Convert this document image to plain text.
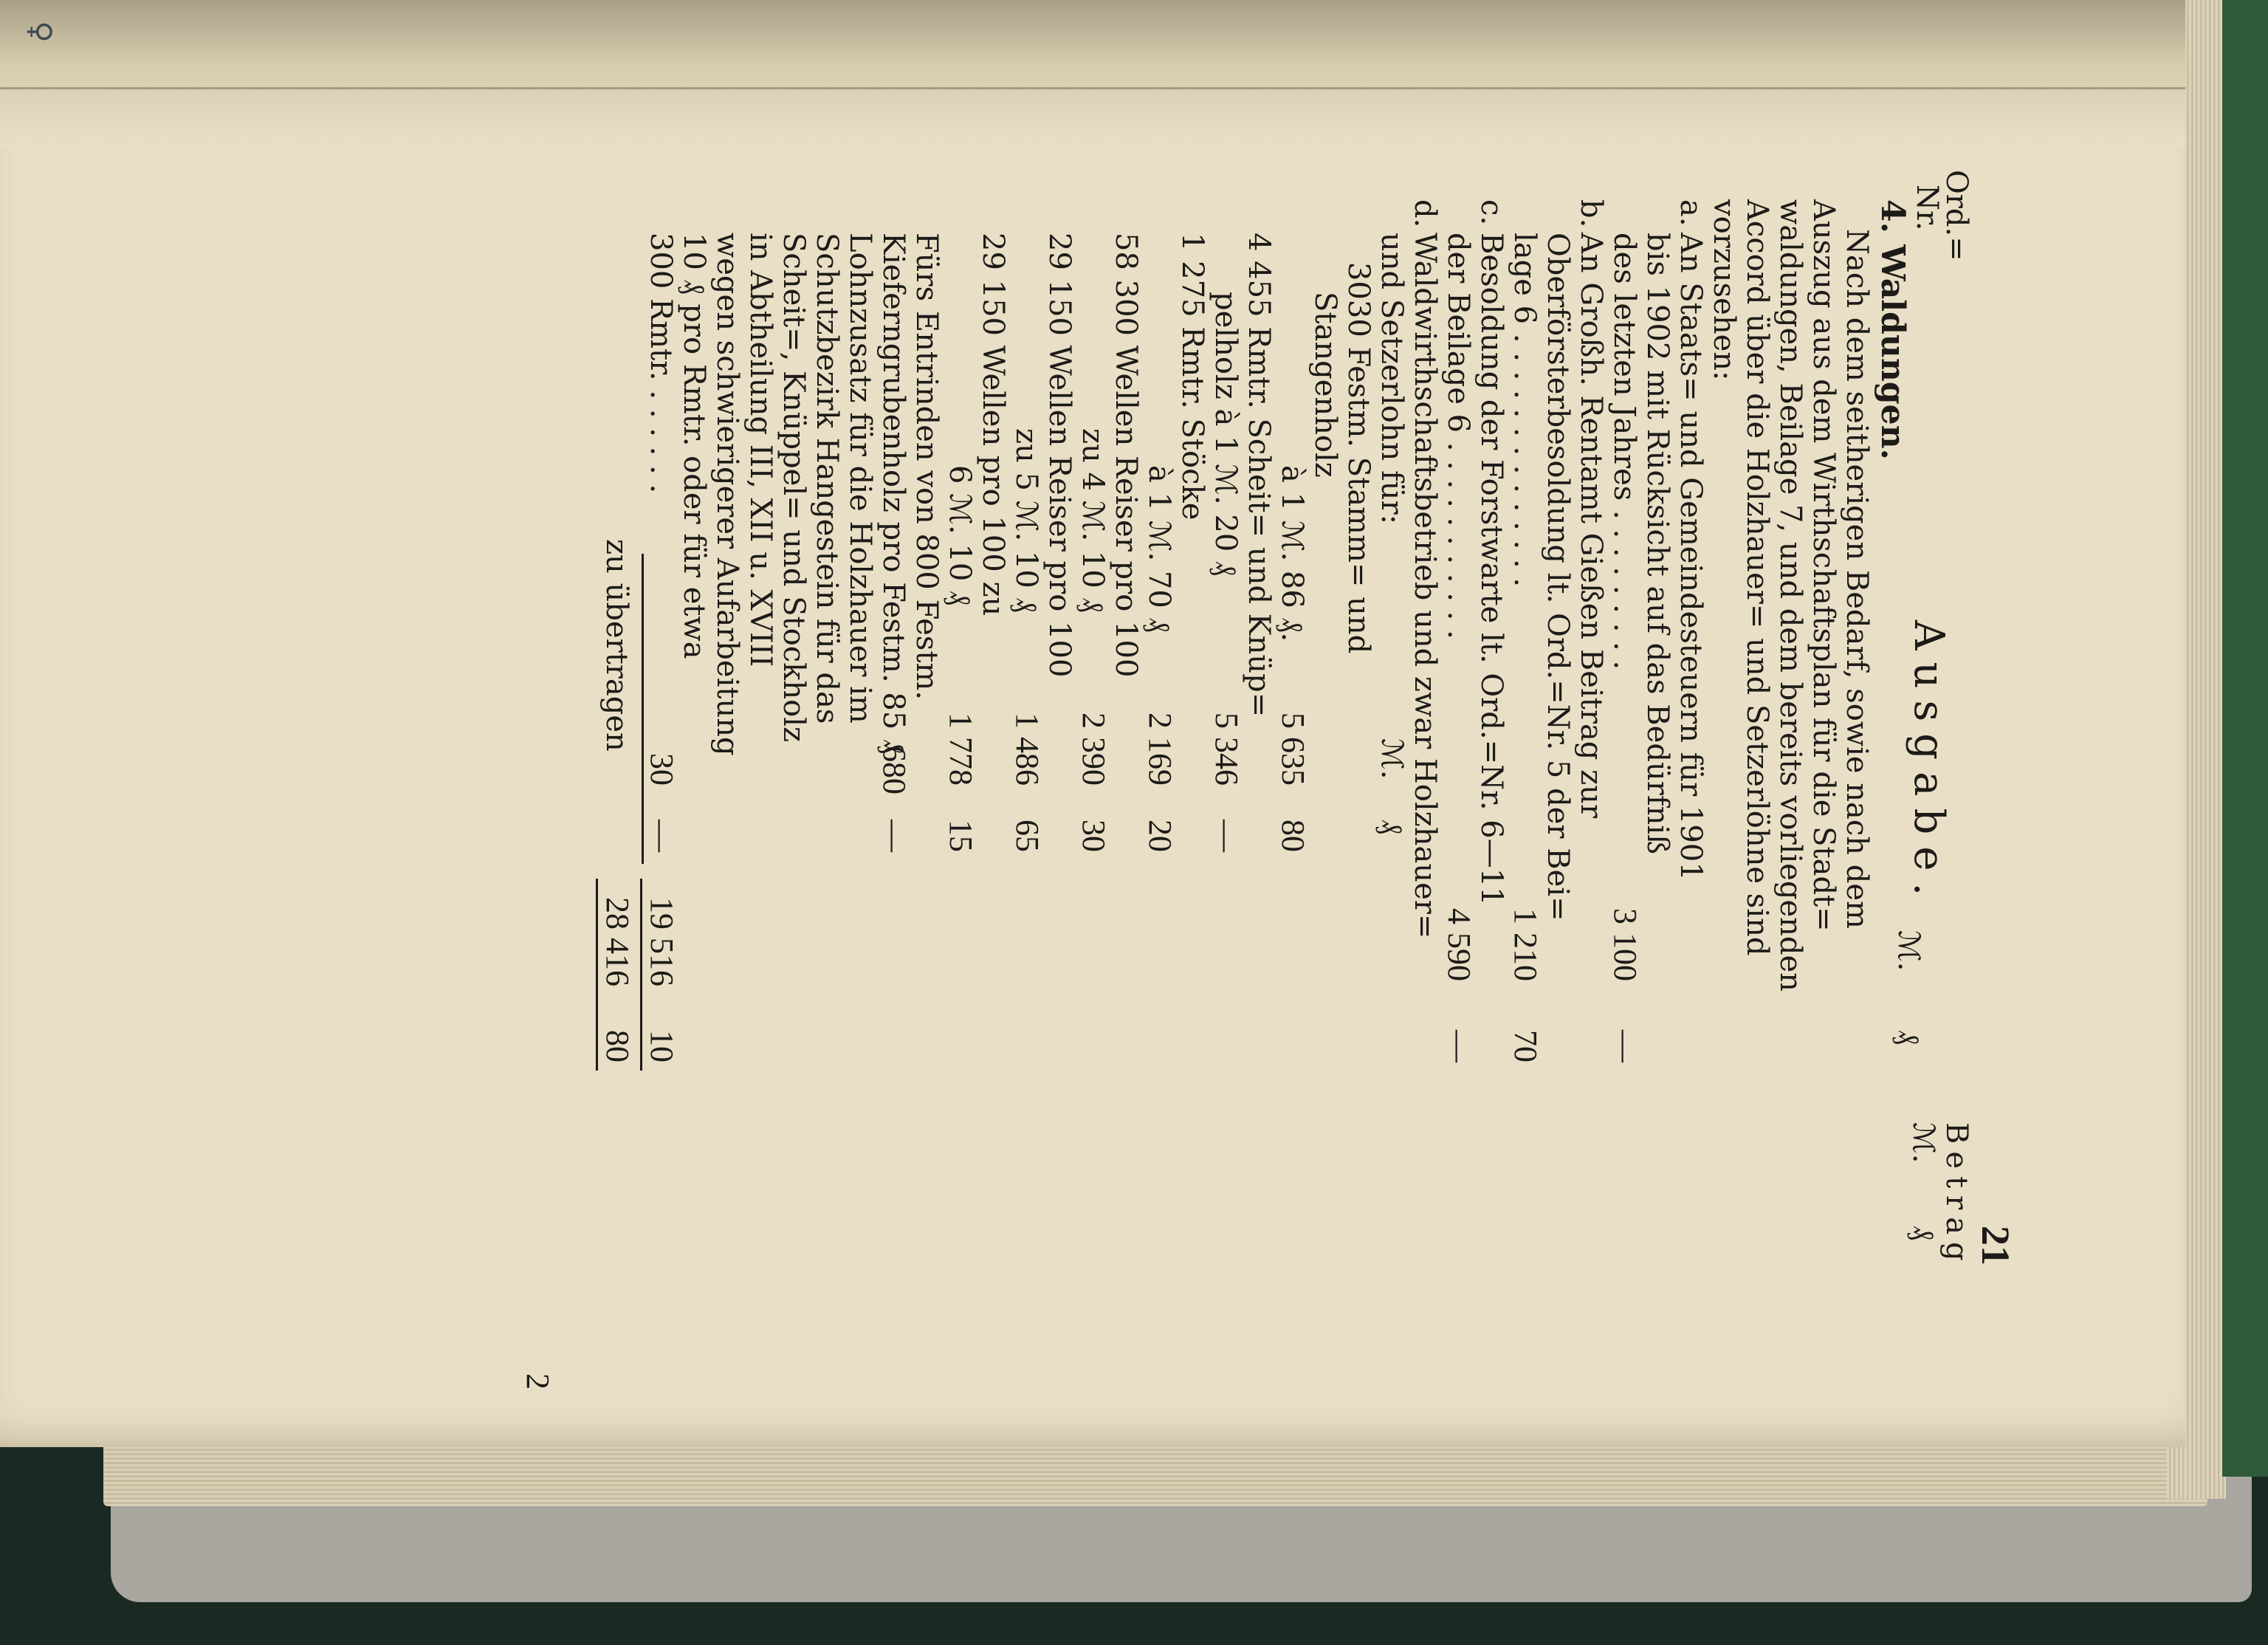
♀
21
Ausgabe.
Ord.=
Nr.
Betrag
ℳ.
₰
ℳ.
₰
4. Waldungen.
Nach dem seitherigen Bedarf, sowie nach dem
Auszug aus dem Wirthschaftsplan für die Stadt=
waldungen, Beilage 7, und dem bereits vorliegenden
Accord über die Holzhauer= und Setzerlöhne sind
vorzusehen:
a.
An Staats= und Gemeindesteuern für 1901
bis 1902 mit Rücksicht auf das Bedürfniß
des letzten Jahres . . . . . . . . .
3 100
—
b.
An Großh. Rentamt Gießen Beitrag zur
Oberförsterbesoldung lt. Ord.=Nr. 5 der Bei=
lage 6 . . . . . . . . . . . . . .
1 210
70
c.
Besoldung der Forstwarte lt. Ord.=Nr. 6—11
der Beilage 6 . . . . . . . . . . .
4 590
—
d.
Waldwirthschaftsbetrieb und zwar Holzhauer=
und Setzerlohn für:
ℳ.
₰
3030 Festm. Stamm= und
Stangenholz
à 1 ℳ. 86 ₰.
5 635
80
4 455 Rmtr. Scheit= und Knüp=
pelholz à 1 ℳ. 20 ₰
5 346
—
1 275 Rmtr. Stöcke
à 1 ℳ. 70 ₰
2 169
20
58 300 Wellen Reiser pro 100
zu 4 ℳ. 10 ₰
2 390
30
29 150 Wellen Reiser pro 100
zu 5 ℳ. 10 ₰
1 486
65
29 150 Wellen pro 100 zu
6 ℳ. 10 ₰
1 778
15
Fürs Entrinden von 800 Festm.
Kieferngrubenholz pro Festm. 85 ₰
680
—
Lohnzusatz für die Holzhauer im
Schutzbezirk Hangestein für das
Scheit=, Knüppel= und Stockholz
in Abtheilung III, XII u. XVIII
wegen schwierigerer Aufarbeitung
10 ₰ pro Rmtr. oder für etwa
300 Rmtr. . . . . . .
30
—
19 516
10
zu übertragen
28 416
80
2
